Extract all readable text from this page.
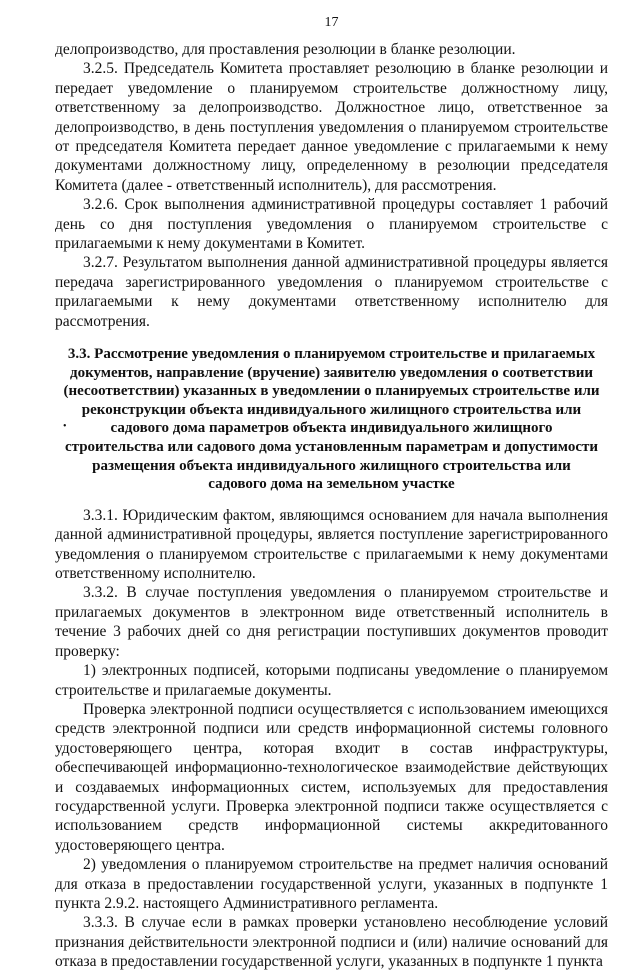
17

делопроизводство, для проставления резолюции в бланке резолюции.

3.2.5. Председатель Комитета проставляет резолюцию в бланке резолюции и передает уведомление о планируемом строительстве должностному лицу, ответственному за делопроизводство. Должностное лицо, ответственное за делопроизводство, в день поступления уведомления о планируемом строительстве от председателя Комитета передает данное уведомление с прилагаемыми к нему документами должностному лицу, определенному в резолюции председателя Комитета (далее - ответственный исполнитель), для рассмотрения.

3.2.6. Срок выполнения административной процедуры составляет 1 рабочий день со дня поступления уведомления о планируемом строительстве с прилагаемыми к нему документами в Комитет.

3.2.7. Результатом выполнения данной административной процедуры является передача зарегистрированного уведомления о планируемом строительстве с прилагаемыми к нему документами ответственному исполнителю для рассмотрения.

3.3. Рассмотрение уведомления о планируемом строительстве и прилагаемых документов, направление (вручение) заявителю уведомления о соответствии (несоответствии) указанных в уведомлении о планируемых строительстве или реконструкции объекта индивидуального жилищного строительства или садового дома параметров объекта индивидуального жилищного строительства или садового дома установленным параметрам и допустимости размещения объекта индивидуального жилищного строительства или садового дома на земельном участке

3.3.1. Юридическим фактом, являющимся основанием для начала выполнения данной административной процедуры, является поступление зарегистрированного уведомления о планируемом строительстве с прилагаемыми к нему документами ответственному исполнителю.

3.3.2. В случае поступления уведомления о планируемом строительстве и прилагаемых документов в электронном виде ответственный исполнитель в течение 3 рабочих дней со дня регистрации поступивших документов проводит проверку:

1) электронных подписей, которыми подписаны уведомление о планируемом строительстве и прилагаемые документы.

Проверка электронной подписи осуществляется с использованием имеющихся средств электронной подписи или средств информационной системы головного удостоверяющего центра, которая входит в состав инфраструктуры, обеспечивающей информационно-технологическое взаимодействие действующих и создаваемых информационных систем, используемых для предоставления государственной услуги. Проверка электронной подписи также осуществляется с использованием средств информационной системы аккредитованного удостоверяющего центра.

2) уведомления о планируемом строительстве на предмет наличия оснований для отказа в предоставлении государственной услуги, указанных в подпункте 1 пункта 2.9.2. настоящего Административного регламента.

3.3.3. В случае если в рамках проверки установлено несоблюдение условий признания действительности электронной подписи и (или) наличие оснований для отказа в предоставлении государственной услуги, указанных в подпункте 1 пункта

•
